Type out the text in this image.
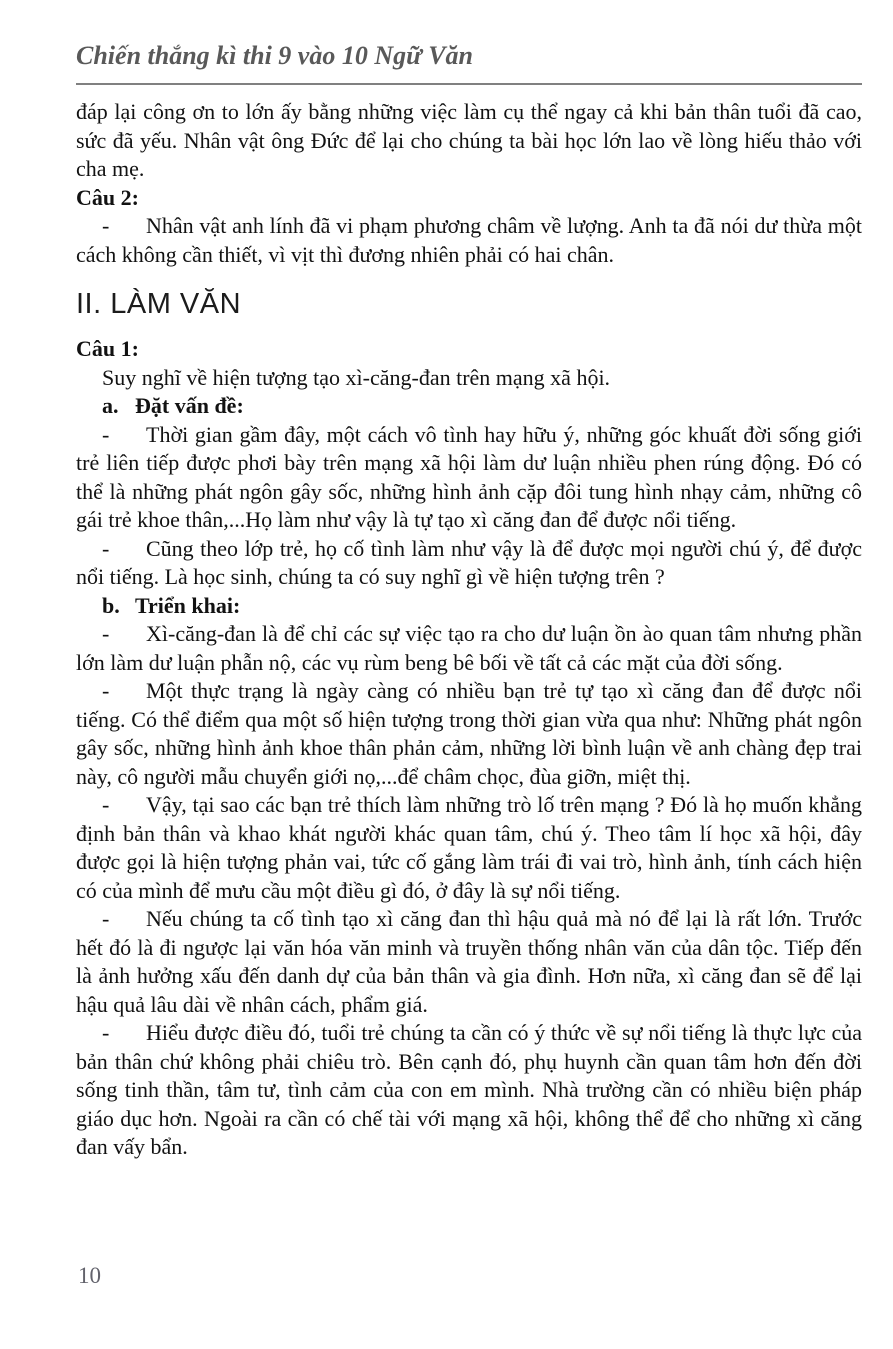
Chiến thắng kì thi 9 vào 10 Ngữ Văn

đáp lại công ơn to lớn ấy bằng những việc làm cụ thể ngay cả khi bản thân tuổi đã cao, sức đã yếu. Nhân vật ông Đức để lại cho chúng ta bài học lớn lao về lòng hiếu thảo với cha mẹ.

Câu 2:

- Nhân vật anh lính đã vi phạm phương châm về lượng. Anh ta đã nói dư thừa một cách không cần thiết, vì vịt thì đương nhiên phải có hai chân.

II. LÀM VĂN

Câu 1:

Suy nghĩ về hiện tượng tạo xì-căng-đan trên mạng xã hội.

a. Đặt vấn đề:

- Thời gian gầm đây, một cách vô tình hay hữu ý, những góc khuất đời sống giới trẻ liên tiếp được phơi bày trên mạng xã hội làm dư luận nhiều phen rúng động. Đó có thể là những phát ngôn gây sốc, những hình ảnh cặp đôi tung hình nhạy cảm, những cô gái trẻ khoe thân,...Họ làm như vậy là tự tạo xì căng đan để được nổi tiếng.

- Cũng theo lớp trẻ, họ cố tình làm như vậy là để được mọi người chú ý, để được nổi tiếng. Là học sinh, chúng ta có suy nghĩ gì về hiện tượng trên ?

b. Triển khai:

- Xì-căng-đan là để chỉ các sự việc tạo ra cho dư luận ồn ào quan tâm nhưng phần lớn làm dư luận phẫn nộ, các vụ rùm beng bê bối về tất cả các mặt của đời sống.

- Một thực trạng là ngày càng có nhiều bạn trẻ tự tạo xì căng đan để được nổi tiếng. Có thể điểm qua một số hiện tượng trong thời gian vừa qua như: Những phát ngôn gây sốc, những hình ảnh khoe thân phản cảm, những lời bình luận về anh chàng đẹp trai này, cô người mẫu chuyển giới nọ,...để châm chọc, đùa giỡn, miệt thị.

- Vậy, tại sao các bạn trẻ thích làm những trò lố trên mạng ? Đó là họ muốn khẳng định bản thân và khao khát người khác quan tâm, chú ý. Theo tâm lí học xã hội, đây được gọi là hiện tượng phản vai, tức cố gắng làm trái đi vai trò, hình ảnh, tính cách hiện có của mình để mưu cầu một điều gì đó, ở đây là sự nổi tiếng.

- Nếu chúng ta cố tình tạo xì căng đan thì hậu quả mà nó để lại là rất lớn. Trước hết đó là đi ngược lại văn hóa văn minh và truyền thống nhân văn của dân tộc. Tiếp đến là ảnh hưởng xấu đến danh dự của bản thân và gia đình. Hơn nữa, xì căng đan sẽ để lại hậu quả lâu dài về nhân cách, phẩm giá.

- Hiểu được điều đó, tuổi trẻ chúng ta cần có ý thức về sự nổi tiếng là thực lực của bản thân chứ không phải chiêu trò. Bên cạnh đó, phụ huynh cần quan tâm hơn đến đời sống tinh thần, tâm tư, tình cảm của con em mình. Nhà trường cần có nhiều biện pháp giáo dục hơn. Ngoài ra cần có chế tài với mạng xã hội, không thể để cho những xì căng đan vấy bẩn.

10
